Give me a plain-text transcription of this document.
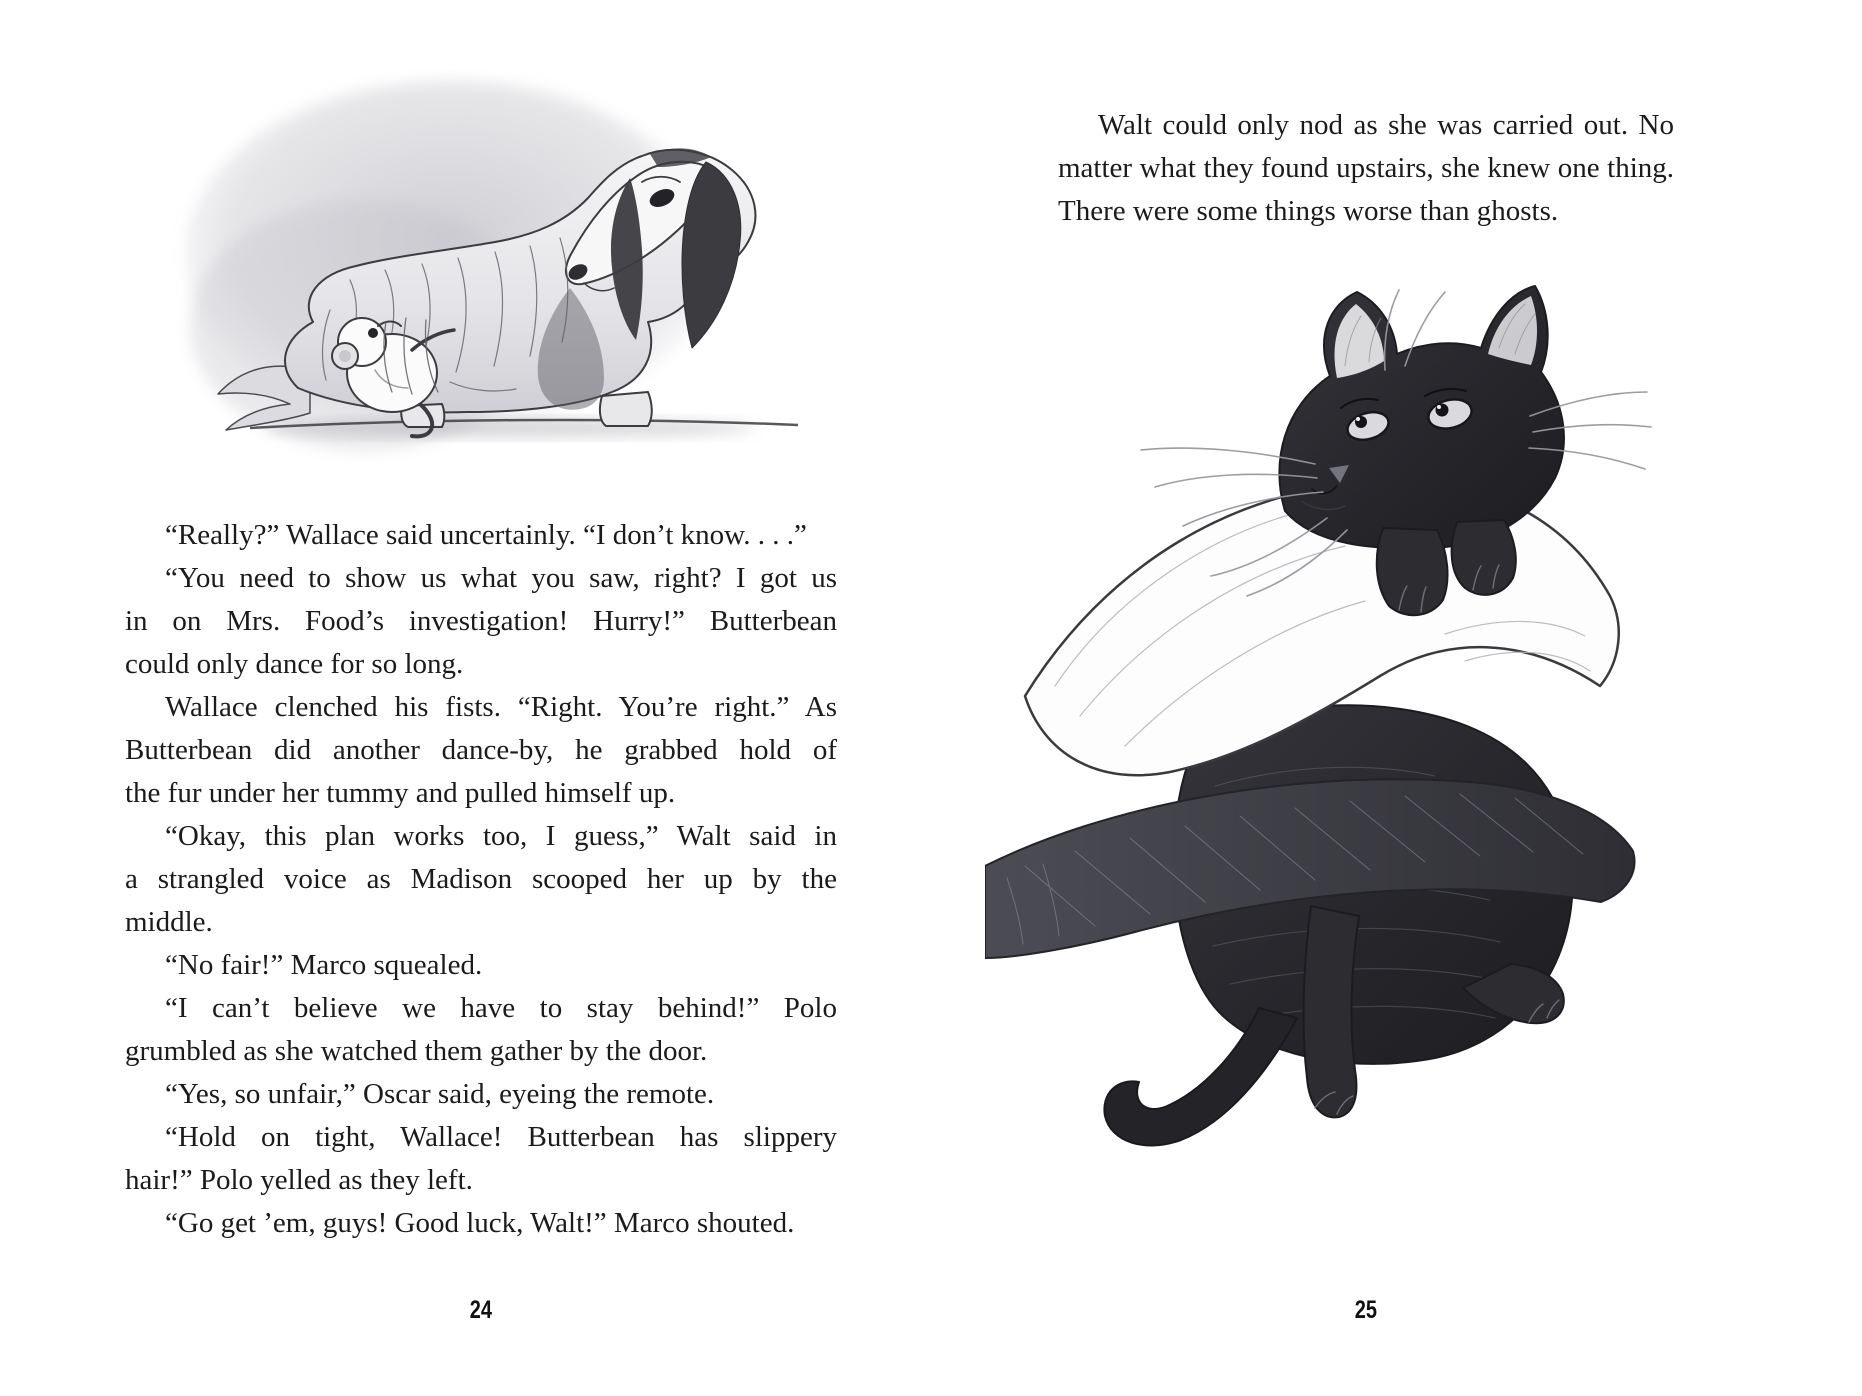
“Really?” Wallace said uncertainly. “I don’t know. . . .”
“You need to show us what you saw, right? I got us
in on Mrs. Food’s investigation! Hurry!” Butterbean
could only dance for so long.
Wallace clenched his fists. “Right. You’re right.” As
Butterbean did another dance-by, he grabbed hold of
the fur under her tummy and pulled himself up.
“Okay, this plan works too, I guess,” Walt said in
a strangled voice as Madison scooped her up by the
middle.
“No fair!” Marco squealed.
“I can’t believe we have to stay behind!” Polo
grumbled as she watched them gather by the door.
“Yes, so unfair,” Oscar said, eyeing the remote.
“Hold on tight, Wallace! Butterbean has slippery
hair!” Polo yelled as they left.
“Go get ’em, guys! Good luck, Walt!” Marco shouted.
24
Walt could only nod as she was carried out. No
matter what they found upstairs, she knew one thing.
There were some things worse than ghosts.
25
